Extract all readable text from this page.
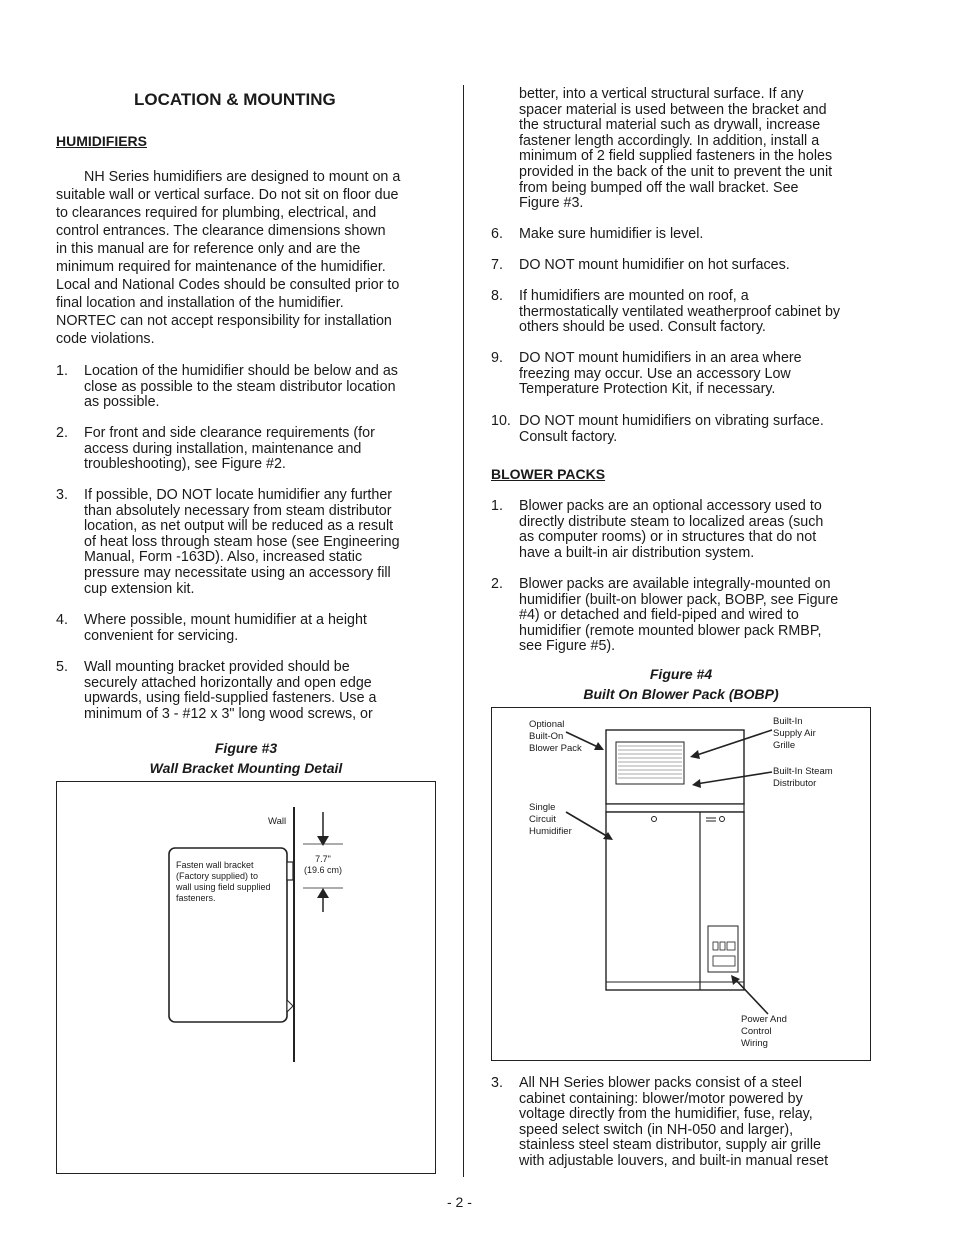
LOCATION & MOUNTING
HUMIDIFIERS
NH Series humidifiers are designed to mount on a
suitable wall or vertical surface. Do not sit on floor due
to clearances required for plumbing, electrical, and
control entrances. The clearance dimensions shown
in this manual are for reference only and are the
minimum required for maintenance of the humidifier.
Local and National Codes should be consulted prior to
final location and installation of the humidifier.
NORTEC can not accept responsibility for installation
code violations.
1. Location of the humidifier should be below and as
close as possible to the steam distributor location
as possible.
2. For front and side clearance requirements (for
access during installation, maintenance and
troubleshooting), see Figure #2.
3. If possible, DO NOT locate humidifier any further
than absolutely necessary from steam distributor
location, as net output will be reduced as a result
of heat loss through steam hose (see Engineering
Manual, Form -163D). Also, increased static
pressure may necessitate using an accessory fill
cup extension kit.
4. Where possible, mount humidifier at a height
convenient for servicing.
5. Wall mounting bracket provided should be
securely attached horizontally and open edge
upwards, using field-supplied fasteners. Use a
minimum of 3 - #12 x 3" long wood screws, or
Figure #3
Wall Bracket Mounting Detail
Wall
7.7"
(19.6 cm)
Fasten wall bracket
(Factory supplied) to
wall using field supplied
fasteners.
better, into a vertical structural surface. If any
spacer material is used between the bracket and
the structural material such as drywall, increase
fastener length accordingly. In addition, install a
minimum of 2 field supplied fasteners in the holes
provided in the back of the unit to prevent the unit
from being bumped off the wall bracket. See
Figure #3.
6. Make sure humidifier is level.
7. DO NOT mount humidifier on hot surfaces.
8. If humidifiers are mounted on roof, a
thermostatically ventilated weatherproof cabinet by
others should be used. Consult factory.
9. DO NOT mount humidifiers in an area where
freezing may occur. Use an accessory Low
Temperature Protection Kit, if necessary.
10. DO NOT mount humidifiers on vibrating surface.
Consult factory.
BLOWER PACKS
1. Blower packs are an optional accessory used to
directly distribute steam to localized areas (such
as computer rooms) or in structures that do not
have a built-in air distribution system.
2. Blower packs are available integrally-mounted on
humidifier (built-on blower pack, BOBP, see Figure
#4) or detached and field-piped and wired to
humidifier (remote mounted blower pack RMBP,
see Figure #5).
Figure #4
Built On Blower Pack (BOBP)
Optional
Built-On
Blower Pack
Built-In
Supply Air
Grille
Built-In Steam
Distributor
Single
Circuit
Humidifier
Power And
Control
Wiring
3. All NH Series blower packs consist of a steel
cabinet containing: blower/motor powered by
voltage directly from the humidifier, fuse, relay,
speed select switch (in NH-050 and larger),
stainless steel steam distributor, supply air grille
with adjustable louvers, and built-in manual reset
- 2 -
